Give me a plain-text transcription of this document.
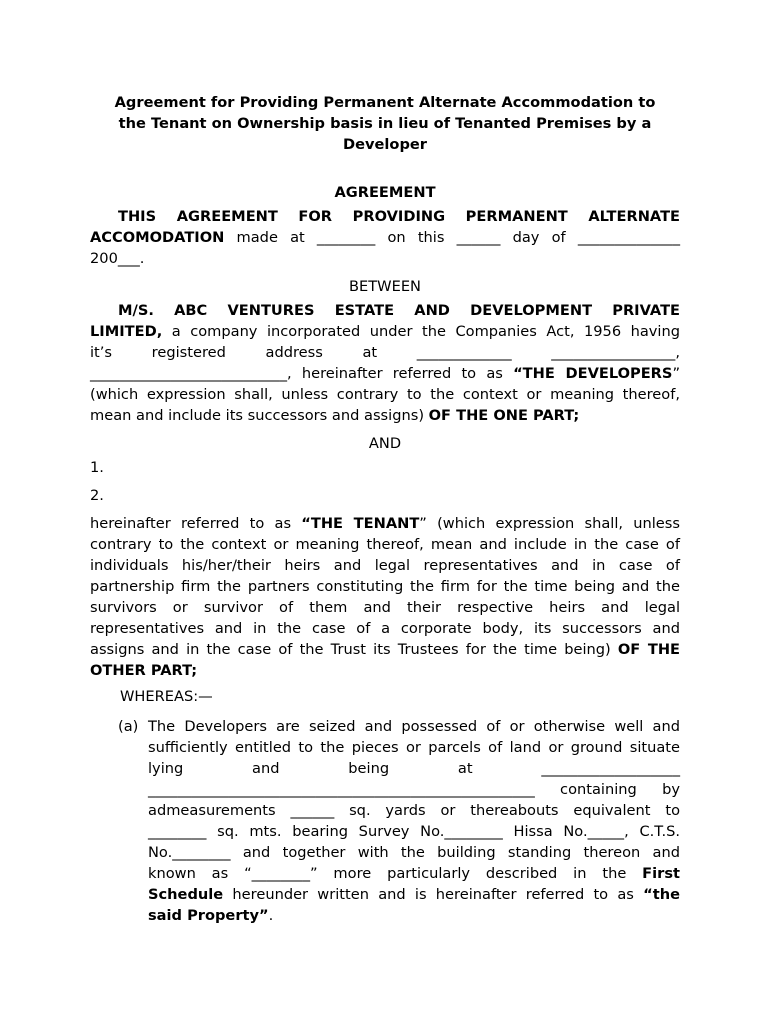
Agreement for Providing Permanent Alternate Accommodation to
the Tenant on Ownership basis in lieu of Tenanted Premises by a
Developer
AGREEMENT
THIS AGREEMENT FOR PROVIDING PERMANENT ALTERNATE
ACCOMODATION made at ________ on this ______ day of ______________
200___.
BETWEEN
M/S. ABC VENTURES ESTATE AND DEVELOPMENT PRIVATE
LIMITED, a company incorporated under the Companies Act, 1956 having
it’s registered address at _____________ _________________,
___________________________, hereinafter referred to as “THE DEVELOPERS”
(which expression shall, unless contrary to the context or meaning thereof,
mean and include its successors and assigns) OF THE ONE PART;
AND
1.
2.
hereinafter referred to as “THE TENANT” (which expression shall, unless
contrary to the context or meaning thereof, mean and include in the case of
individuals his/her/their heirs and legal representatives and in case of
partnership firm the partners constituting the firm for the time being and the
survivors or survivor of them and their respective heirs and legal
representatives and in the case of a corporate body, its successors and
assigns and in the case of the Trust its Trustees for the time being) OF THE
OTHER PART;
WHEREAS:—
(a) The Developers are seized and possessed of or otherwise well and
sufficiently entitled to the pieces or parcels of land or ground situate
lying and being at ___________________
_____________________________________________________ containing by
admeasurements ______ sq. yards or thereabouts equivalent to
________ sq. mts. bearing Survey No.________ Hissa No._____, C.T.S.
No.________ and together with the building standing thereon and
known as “________” more particularly described in the First
Schedule hereunder written and is hereinafter referred to as “the
said Property”.
